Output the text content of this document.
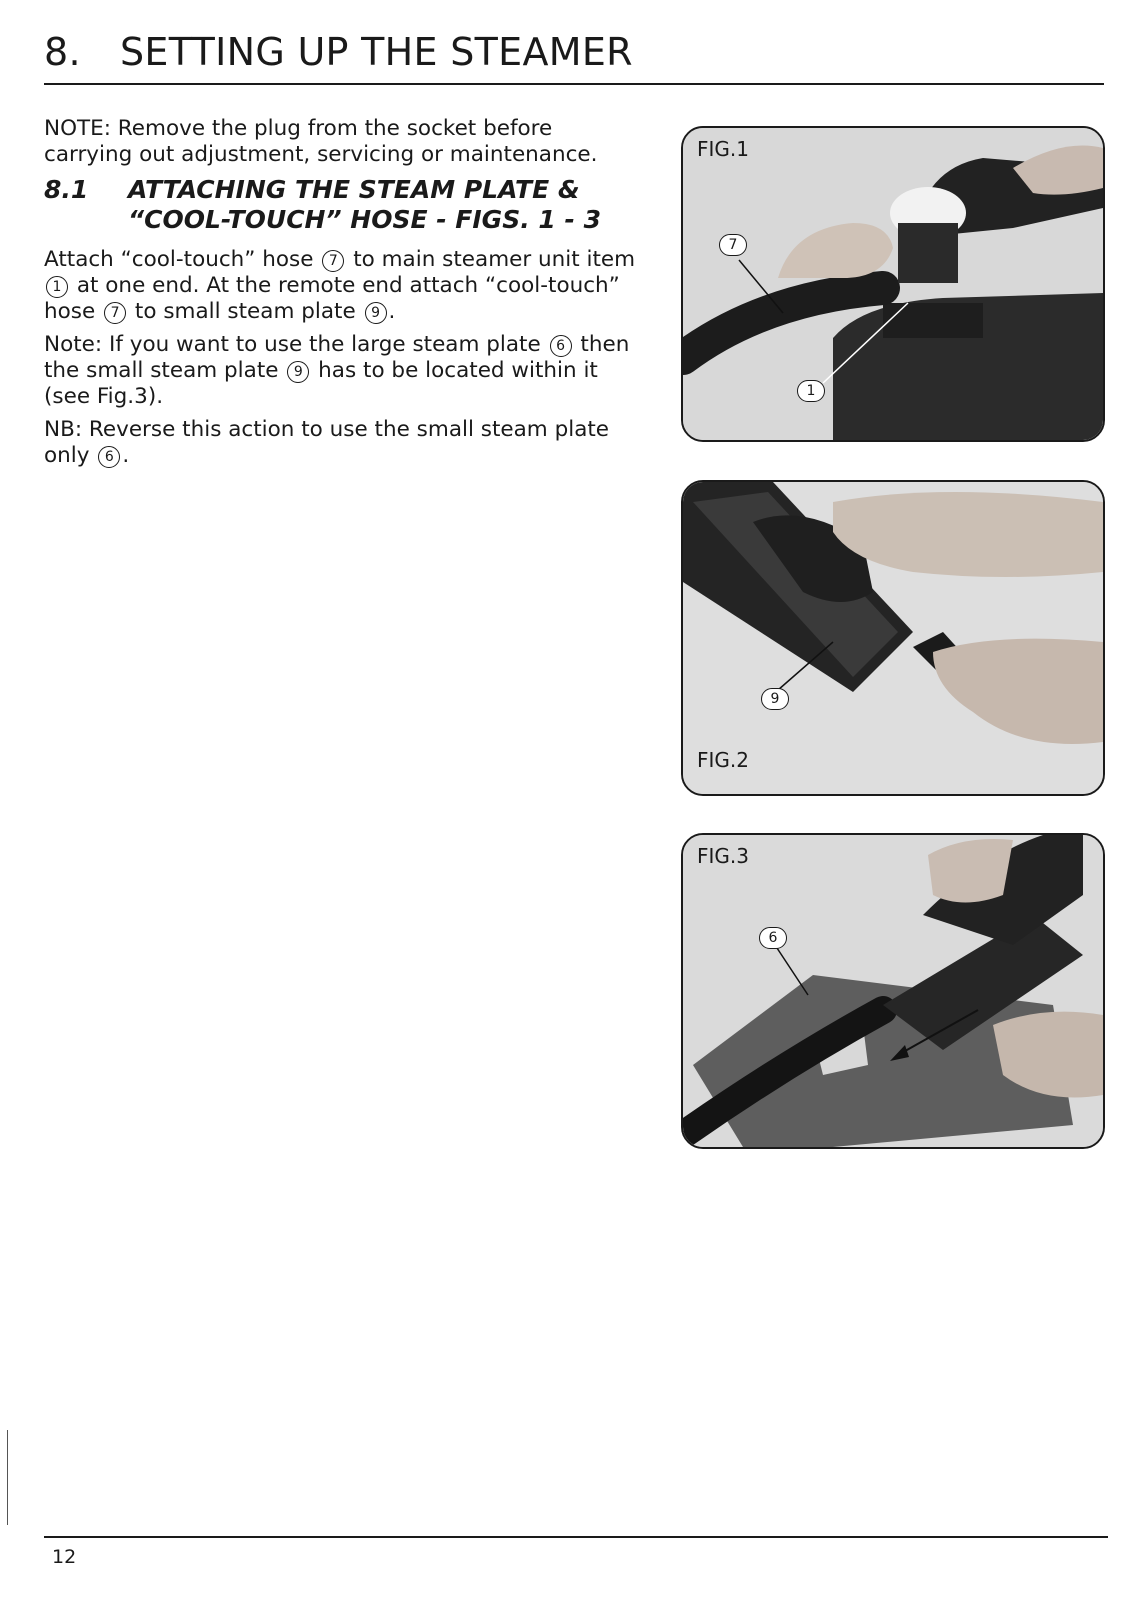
8. SETTING UP THE STEAMER

NOTE: Remove the plug from the socket before carrying out adjustment, servicing or maintenance.

8.1	ATTACHING THE STEAM PLATE &
“COOL-TOUCH” HOSE - FIGS. 1 - 3

Attach “cool-touch” hose 7 to main steamer unit item 1 at one end. At the remote end attach “cool-touch” hose 7 to small steam plate 9 .

Note: If you want to use the large steam plate 6 then the small steam plate 9 has to be located within it (see Fig.3).

NB: Reverse this action to use the small steam plate only 6 .

FIG.1
7
1
9
FIG.2
FIG.3
6
12
